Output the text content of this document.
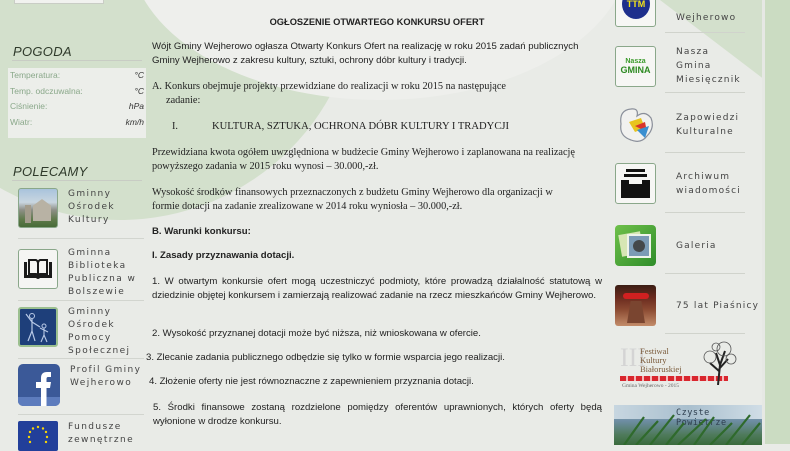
POGODA
Temperatura:	°C
Temp. odczuwalna:	°C
Ciśnienie:	hPa
Wiatr:	km/h
POLECAMY
Gminny Ośrodek Kultury
Gminna Biblioteka Publiczna w Bolszewie
Gminny Ośrodek Pomocy Społecznej
Profil Gminy Wejherowo
Fundusze zewnętrzne
OGŁOSZENIE OTWARTEGO KONKURSU OFERT
Wójt Gminy Wejherowo ogłasza Otwarty Konkurs Ofert na realizację w roku 2015 zadań publicznych Gminy Wejherowo z zakresu kultury, sztuki, ochrony dóbr kultury i tradycji.
A. Konkurs obejmuje projekty przewidziane do realizacji w roku 2015 na następujące
zadanie:
I.	KULTURA, SZTUKA, OCHRONA DÓBR KULTURY I TRADYCJI
Przewidziana kwota ogółem uwzględniona w budżecie Gminy Wejherowo i zaplanowana na realizację powyższego zadania w 2015 roku wynosi – 30.000,-zł.
Wysokość środków finansowych przeznaczonych z budżetu Gminy Wejherowo dla organizacji w formie dotacji na zadanie zrealizowane w 2014 roku wyniosła – 30.000,-zł.
B. Warunki konkursu:
I. Zasady przyznawania dotacji.
1. W otwartym konkursie ofert mogą uczestniczyć podmioty, które prowadzą działalność statutową w dziedzinie objętej konkursem i zamierzają realizować zadanie na rzecz mieszkańców Gminy Wejherowo.
2. Wysokość przyznanej dotacji może być niższa, niż wnioskowana w ofercie.
3. Zlecanie zadania publicznego odbędzie się tylko w formie wsparcia jego realizacji.
4. Złożenie oferty nie jest równoznaczne z zapewnieniem przyznania dotacji.
5. Środki finansowe zostaną rozdzielone pomiędzy oferentów uprawnionych, których oferty będą wyłonione w drodze konkursu.
TTM
Wejherowo
Nasza
GMINA
Nasza Gmina Miesięcznik
Zapowiedzi Kulturalne
Archiwum wiadomości
Galeria
75 lat Piaśnicy
III
Festiwal
Kultury
Białoruskiej
Gmina Wejherowo - 2015
Czyste Powietrze
